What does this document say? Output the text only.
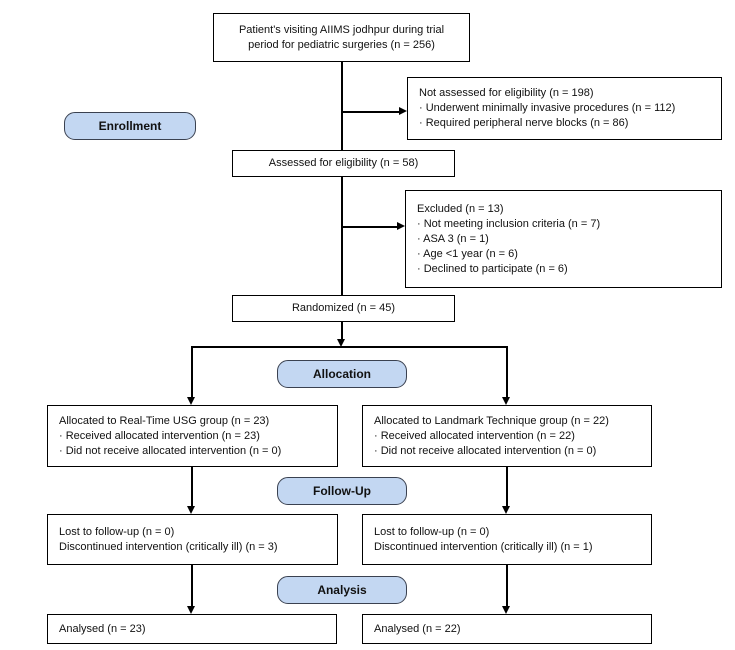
Patient's visiting AIIMS jodhpur during trial
period for pediatric surgeries (n = 256)
Not assessed for eligibility (n = 198)
· Underwent minimally invasive procedures (n = 112)
· Required peripheral nerve blocks (n = 86)
Assessed for eligibility (n = 58)
Excluded (n = 13)
· Not meeting inclusion criteria (n = 7)
· ASA 3 (n = 1)
· Age <1 year (n = 6)
· Declined to participate (n = 6)
Randomized (n = 45)
Allocated to Real-Time USG group (n = 23)
· Received allocated intervention (n = 23)
· Did not receive allocated intervention (n = 0)
Allocated to Landmark Technique group (n = 22)
· Received allocated intervention (n = 22)
· Did not receive allocated intervention (n = 0)
Lost to follow-up (n = 0)
Discontinued intervention (critically ill) (n = 3)
Lost to follow-up (n = 0)
Discontinued intervention (critically ill) (n = 1)
Analysed (n = 23)	Analysed (n = 22)
Enrollment
Allocation
Follow-Up
Analysis
